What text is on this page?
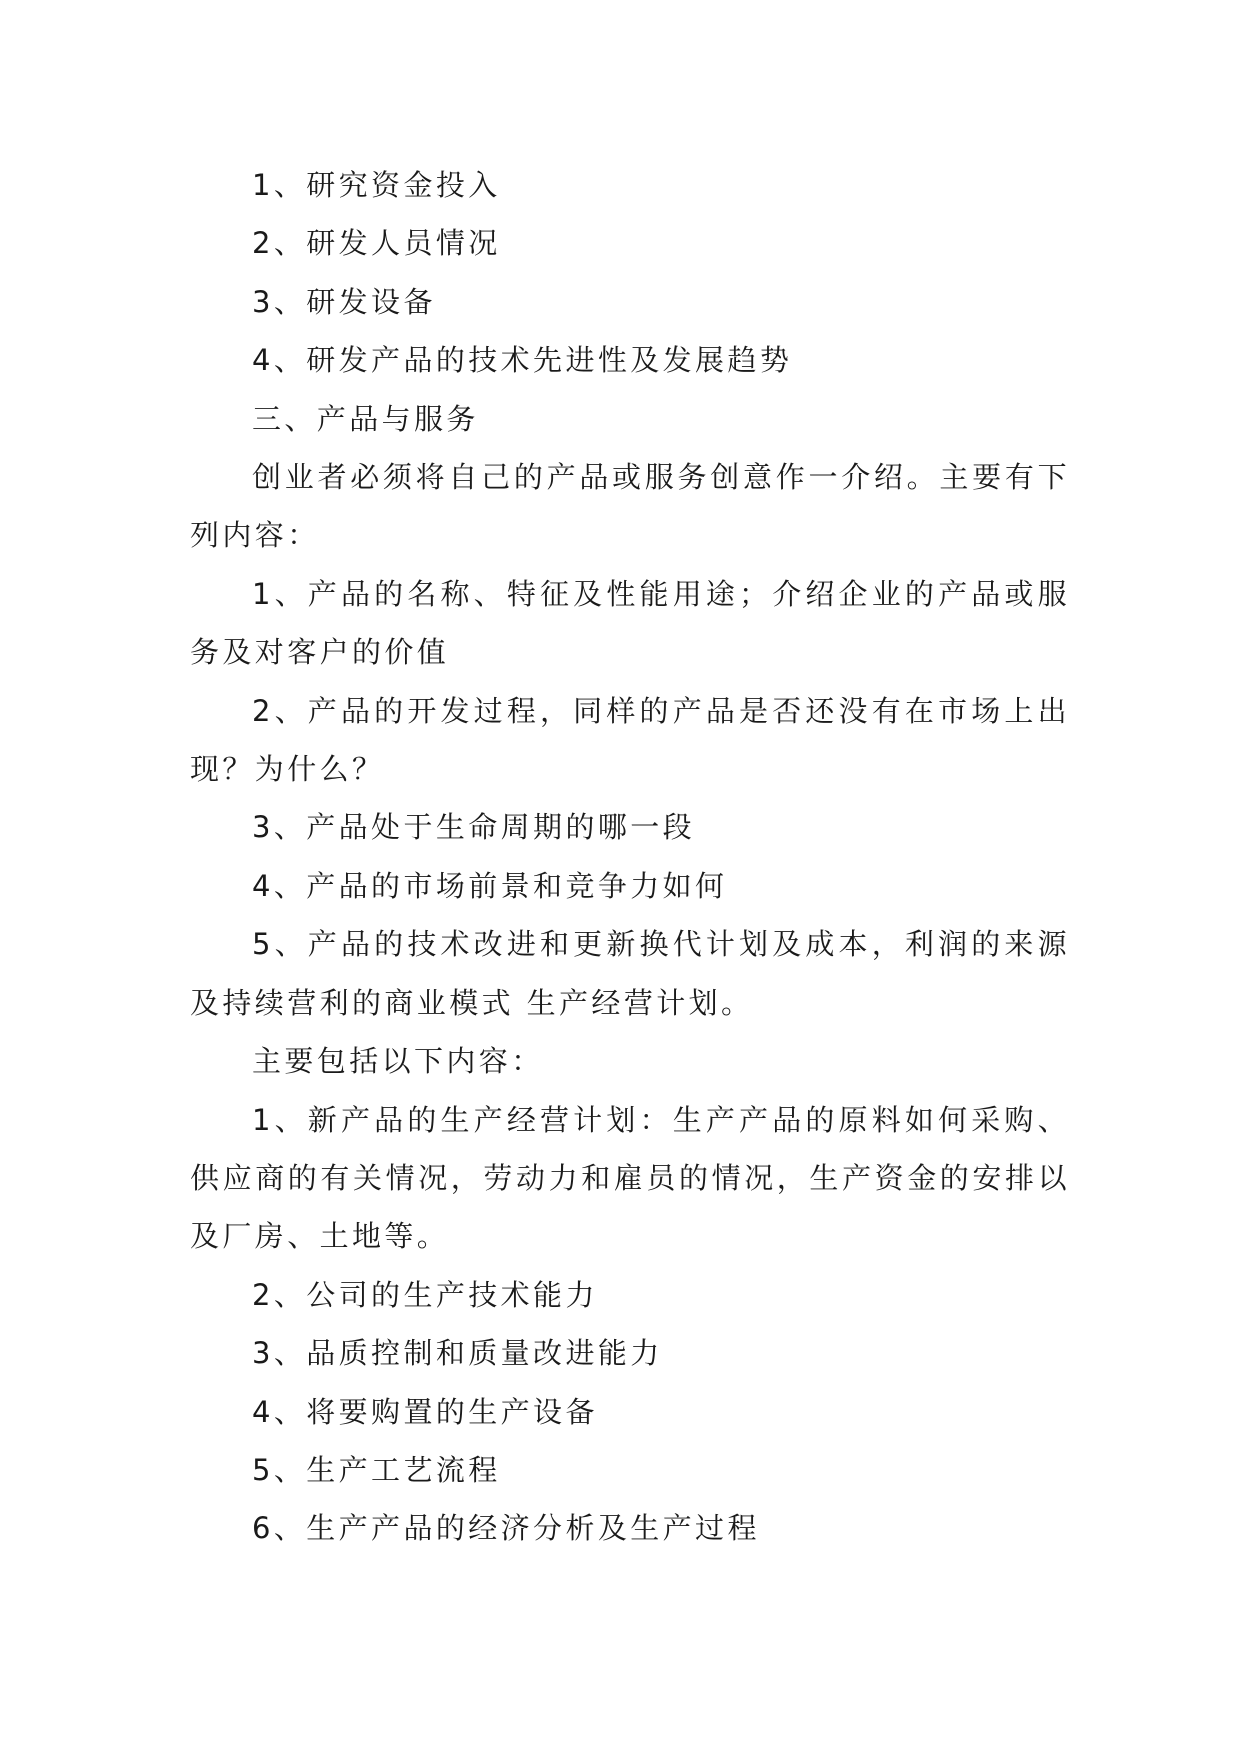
1、研究资金投入

2、研发人员情况

3、研发设备

4、研发产品的技术先进性及发展趋势

三、产品与服务

创业者必须将自己的产品或服务创意作一介绍。主要有下列内容：

1、产品的名称、特征及性能用途；介绍企业的产品或服务及对客户的价值

2、产品的开发过程，同样的产品是否还没有在市场上出现？为什么？

3、产品处于生命周期的哪一段

4、产品的市场前景和竞争力如何

5、产品的技术改进和更新换代计划及成本，利润的来源及持续营利的商业模式 生产经营计划。

主要包括以下内容：

1、新产品的生产经营计划：生产产品的原料如何采购、供应商的有关情况，劳动力和雇员的情况，生产资金的安排以及厂房、土地等。

2、公司的生产技术能力

3、品质控制和质量改进能力

4、将要购置的生产设备

5、生产工艺流程

6、生产产品的经济分析及生产过程
